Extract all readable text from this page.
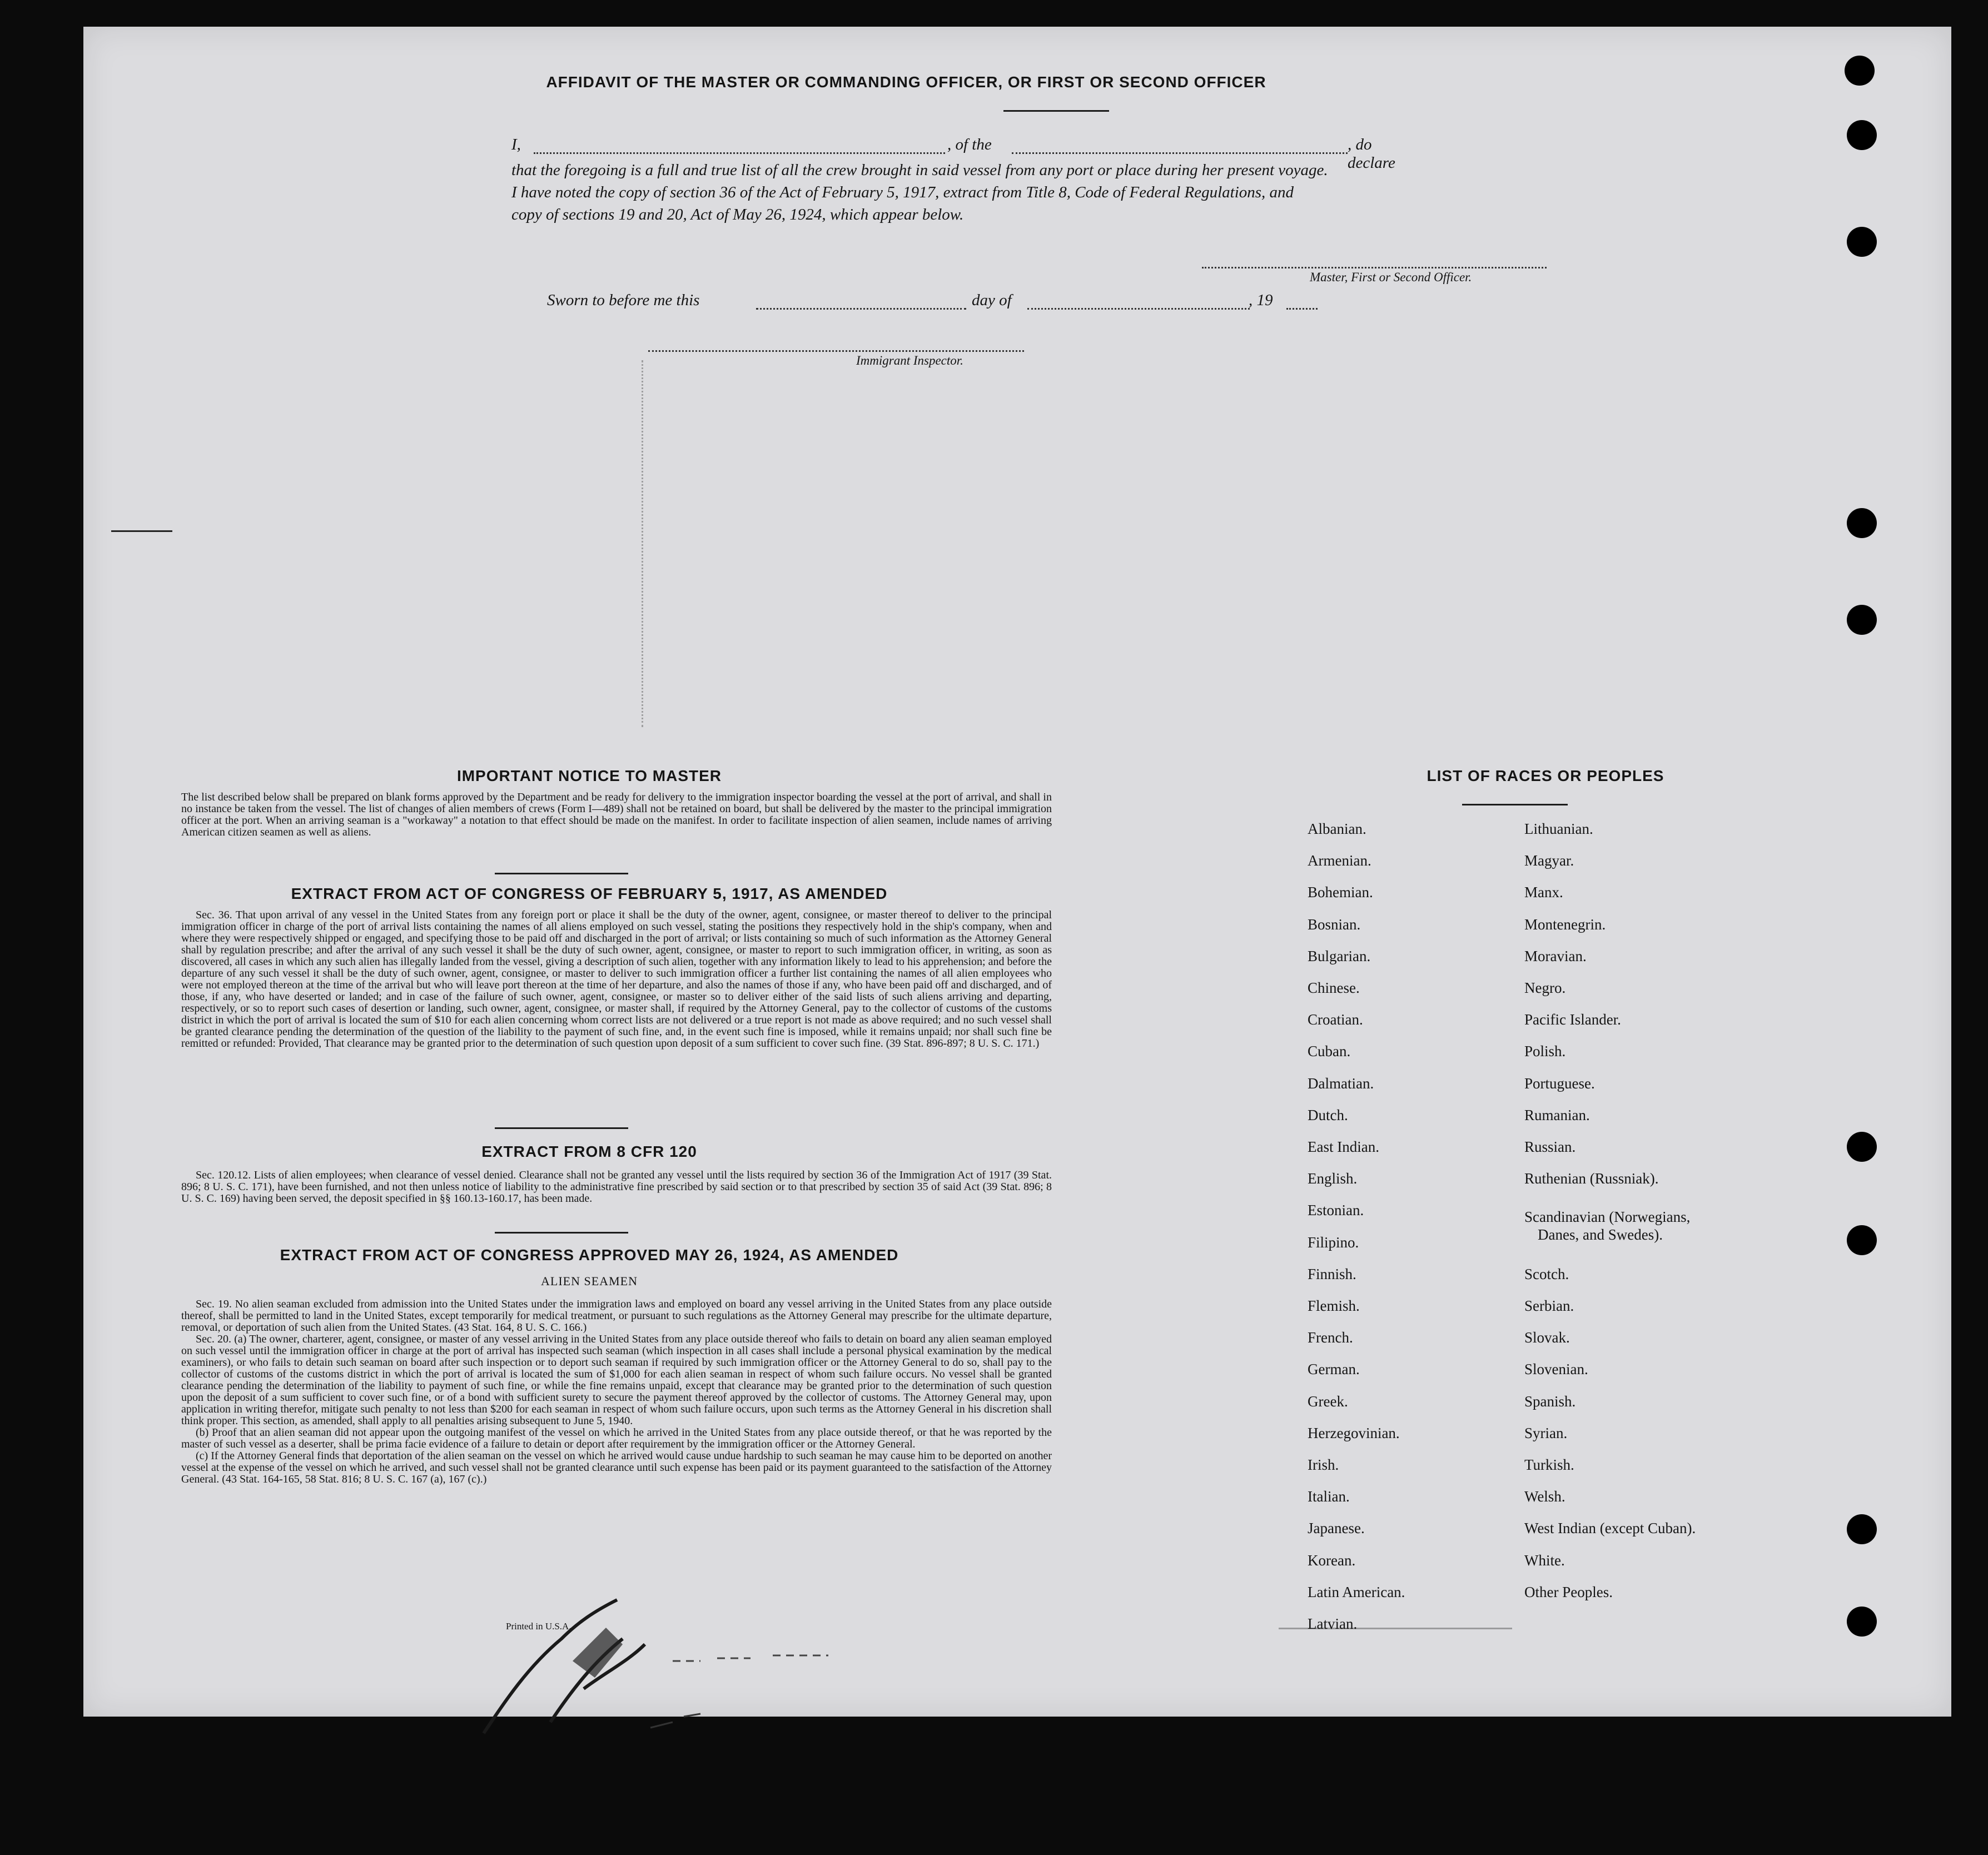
AFFIDAVIT OF THE MASTER OR COMMANDING OFFICER, OR FIRST OR SECOND OFFICER
I,	, of the	, do declare
that the foregoing is a full and true list of all the crew brought in said vessel from any port or place during her present voyage.
I have noted the copy of section 36 of the Act of February 5, 1917, extract from Title 8, Code of Federal Regulations, and
copy of sections 19 and 20, Act of May 26, 1924, which appear below.
Master, First or Second Officer.
Sworn to before me this	day of	, 19
Immigrant Inspector.
IMPORTANT NOTICE TO MASTER
The list described below shall be prepared on blank forms approved by the Department and be ready for delivery to the immigration inspector boarding the vessel at the port of arrival, and shall in no instance be taken from the vessel. The list of changes of alien members of crews (Form I—489) shall not be retained on board, but shall be delivered by the master to the principal immigration officer at the port. When an arriving seaman is a "workaway" a notation to that effect should be made on the manifest. In order to facilitate inspection of alien seamen, include names of arriving American citizen seamen as well as aliens.
EXTRACT FROM ACT OF CONGRESS OF FEBRUARY 5, 1917, AS AMENDED
Sec. 36. That upon arrival of any vessel in the United States from any foreign port or place it shall be the duty of the owner, agent, consignee, or master thereof to deliver to the principal immigration officer in charge of the port of arrival lists containing the names of all aliens employed on such vessel, stating the positions they respectively hold in the ship's company, when and where they were respectively shipped or engaged, and specifying those to be paid off and discharged in the port of arrival; or lists containing so much of such information as the Attorney General shall by regulation prescribe; and after the arrival of any such vessel it shall be the duty of such owner, agent, consignee, or master to report to such immigration officer, in writing, as soon as discovered, all cases in which any such alien has illegally landed from the vessel, giving a description of such alien, together with any information likely to lead to his apprehension; and before the departure of any such vessel it shall be the duty of such owner, agent, consignee, or master to deliver to such immigration officer a further list containing the names of all alien employees who were not employed thereon at the time of the arrival but who will leave port thereon at the time of her departure, and also the names of those if any, who have been paid off and discharged, and of those, if any, who have deserted or landed; and in case of the failure of such owner, agent, consignee, or master so to deliver either of the said lists of such aliens arriving and departing, respectively, or so to report such cases of desertion or landing, such owner, agent, consignee, or master shall, if required by the Attorney General, pay to the collector of customs of the customs district in which the port of arrival is located the sum of $10 for each alien concerning whom correct lists are not delivered or a true report is not made as above required; and no such vessel shall be granted clearance pending the determination of the question of the liability to the payment of such fine, and, in the event such fine is imposed, while it remains unpaid; nor shall such fine be remitted or refunded: Provided, That clearance may be granted prior to the determination of such question upon deposit of a sum sufficient to cover such fine. (39 Stat. 896-897; 8 U. S. C. 171.)
EXTRACT FROM 8 CFR 120
Sec. 120.12. Lists of alien employees; when clearance of vessel denied. Clearance shall not be granted any vessel until the lists required by section 36 of the Immigration Act of 1917 (39 Stat. 896; 8 U. S. C. 171), have been furnished, and not then unless notice of liability to the administrative fine prescribed by said section or to that prescribed by section 35 of said Act (39 Stat. 896; 8 U. S. C. 169) having been served, the deposit specified in §§ 160.13-160.17, has been made.
EXTRACT FROM ACT OF CONGRESS APPROVED MAY 26, 1924, AS AMENDED
ALIEN SEAMEN
Sec. 19. No alien seaman excluded from admission into the United States under the immigration laws and employed on board any vessel arriving in the United States from any place outside thereof, shall be permitted to land in the United States, except temporarily for medical treatment, or pursuant to such regulations as the Attorney General may prescribe for the ultimate departure, removal, or deportation of such alien from the United States. (43 Stat. 164, 8 U. S. C. 166.)
Sec. 20. (a) The owner, charterer, agent, consignee, or master of any vessel arriving in the United States from any place outside thereof who fails to detain on board any alien seaman employed on such vessel until the immigration officer in charge at the port of arrival has inspected such seaman (which inspection in all cases shall include a personal physical examination by the medical examiners), or who fails to detain such seaman on board after such inspection or to deport such seaman if required by such immigration officer or the Attorney General to do so, shall pay to the collector of customs of the customs district in which the port of arrival is located the sum of $1,000 for each alien seaman in respect of whom such failure occurs. No vessel shall be granted clearance pending the determination of the liability to payment of such fine, or while the fine remains unpaid, except that clearance may be granted prior to the determination of such question upon the deposit of a sum sufficient to cover such fine, or of a bond with sufficient surety to secure the payment thereof approved by the collector of customs. The Attorney General may, upon application in writing therefor, mitigate such penalty to not less than $200 for each seaman in respect of whom such failure occurs, upon such terms as the Attorney General in his discretion shall think proper. This section, as amended, shall apply to all penalties arising subsequent to June 5, 1940.
(b) Proof that an alien seaman did not appear upon the outgoing manifest of the vessel on which he arrived in the United States from any place outside thereof, or that he was reported by the master of such vessel as a deserter, shall be prima facie evidence of a failure to detain or deport after requirement by the immigration officer or the Attorney General.
(c) If the Attorney General finds that deportation of the alien seaman on the vessel on which he arrived would cause undue hardship to such seaman he may cause him to be deported on another vessel at the expense of the vessel on which he arrived, and such vessel shall not be granted clearance until such expense has been paid or its payment guaranteed to the satisfaction of the Attorney General. (43 Stat. 164-165, 58 Stat. 816; 8 U. S. C. 167 (a), 167 (c).)
Printed in U.S.A.
LIST OF RACES OR PEOPLES
Albanian.
Armenian.
Bohemian.
Bosnian.
Bulgarian.
Chinese.
Croatian.
Cuban.
Dalmatian.
Dutch.
East Indian.
English.
Estonian.
Filipino.
Finnish.
Flemish.
French.
German.
Greek.
Herzegovinian.
Irish.
Italian.
Japanese.
Korean.
Latin American.
Latvian.
Lithuanian.
Magyar.
Manx.
Montenegrin.
Moravian.
Negro.
Pacific Islander.
Polish.
Portuguese.
Rumanian.
Russian.
Ruthenian (Russniak).
Scandinavian (Norwegians,
Scotch.
Serbian.
Slovak.
Slovenian.
Spanish.
Syrian.
Turkish.
Welsh.
West Indian (except Cuban).
White.
Other Peoples.
Danes, and Swedes).
